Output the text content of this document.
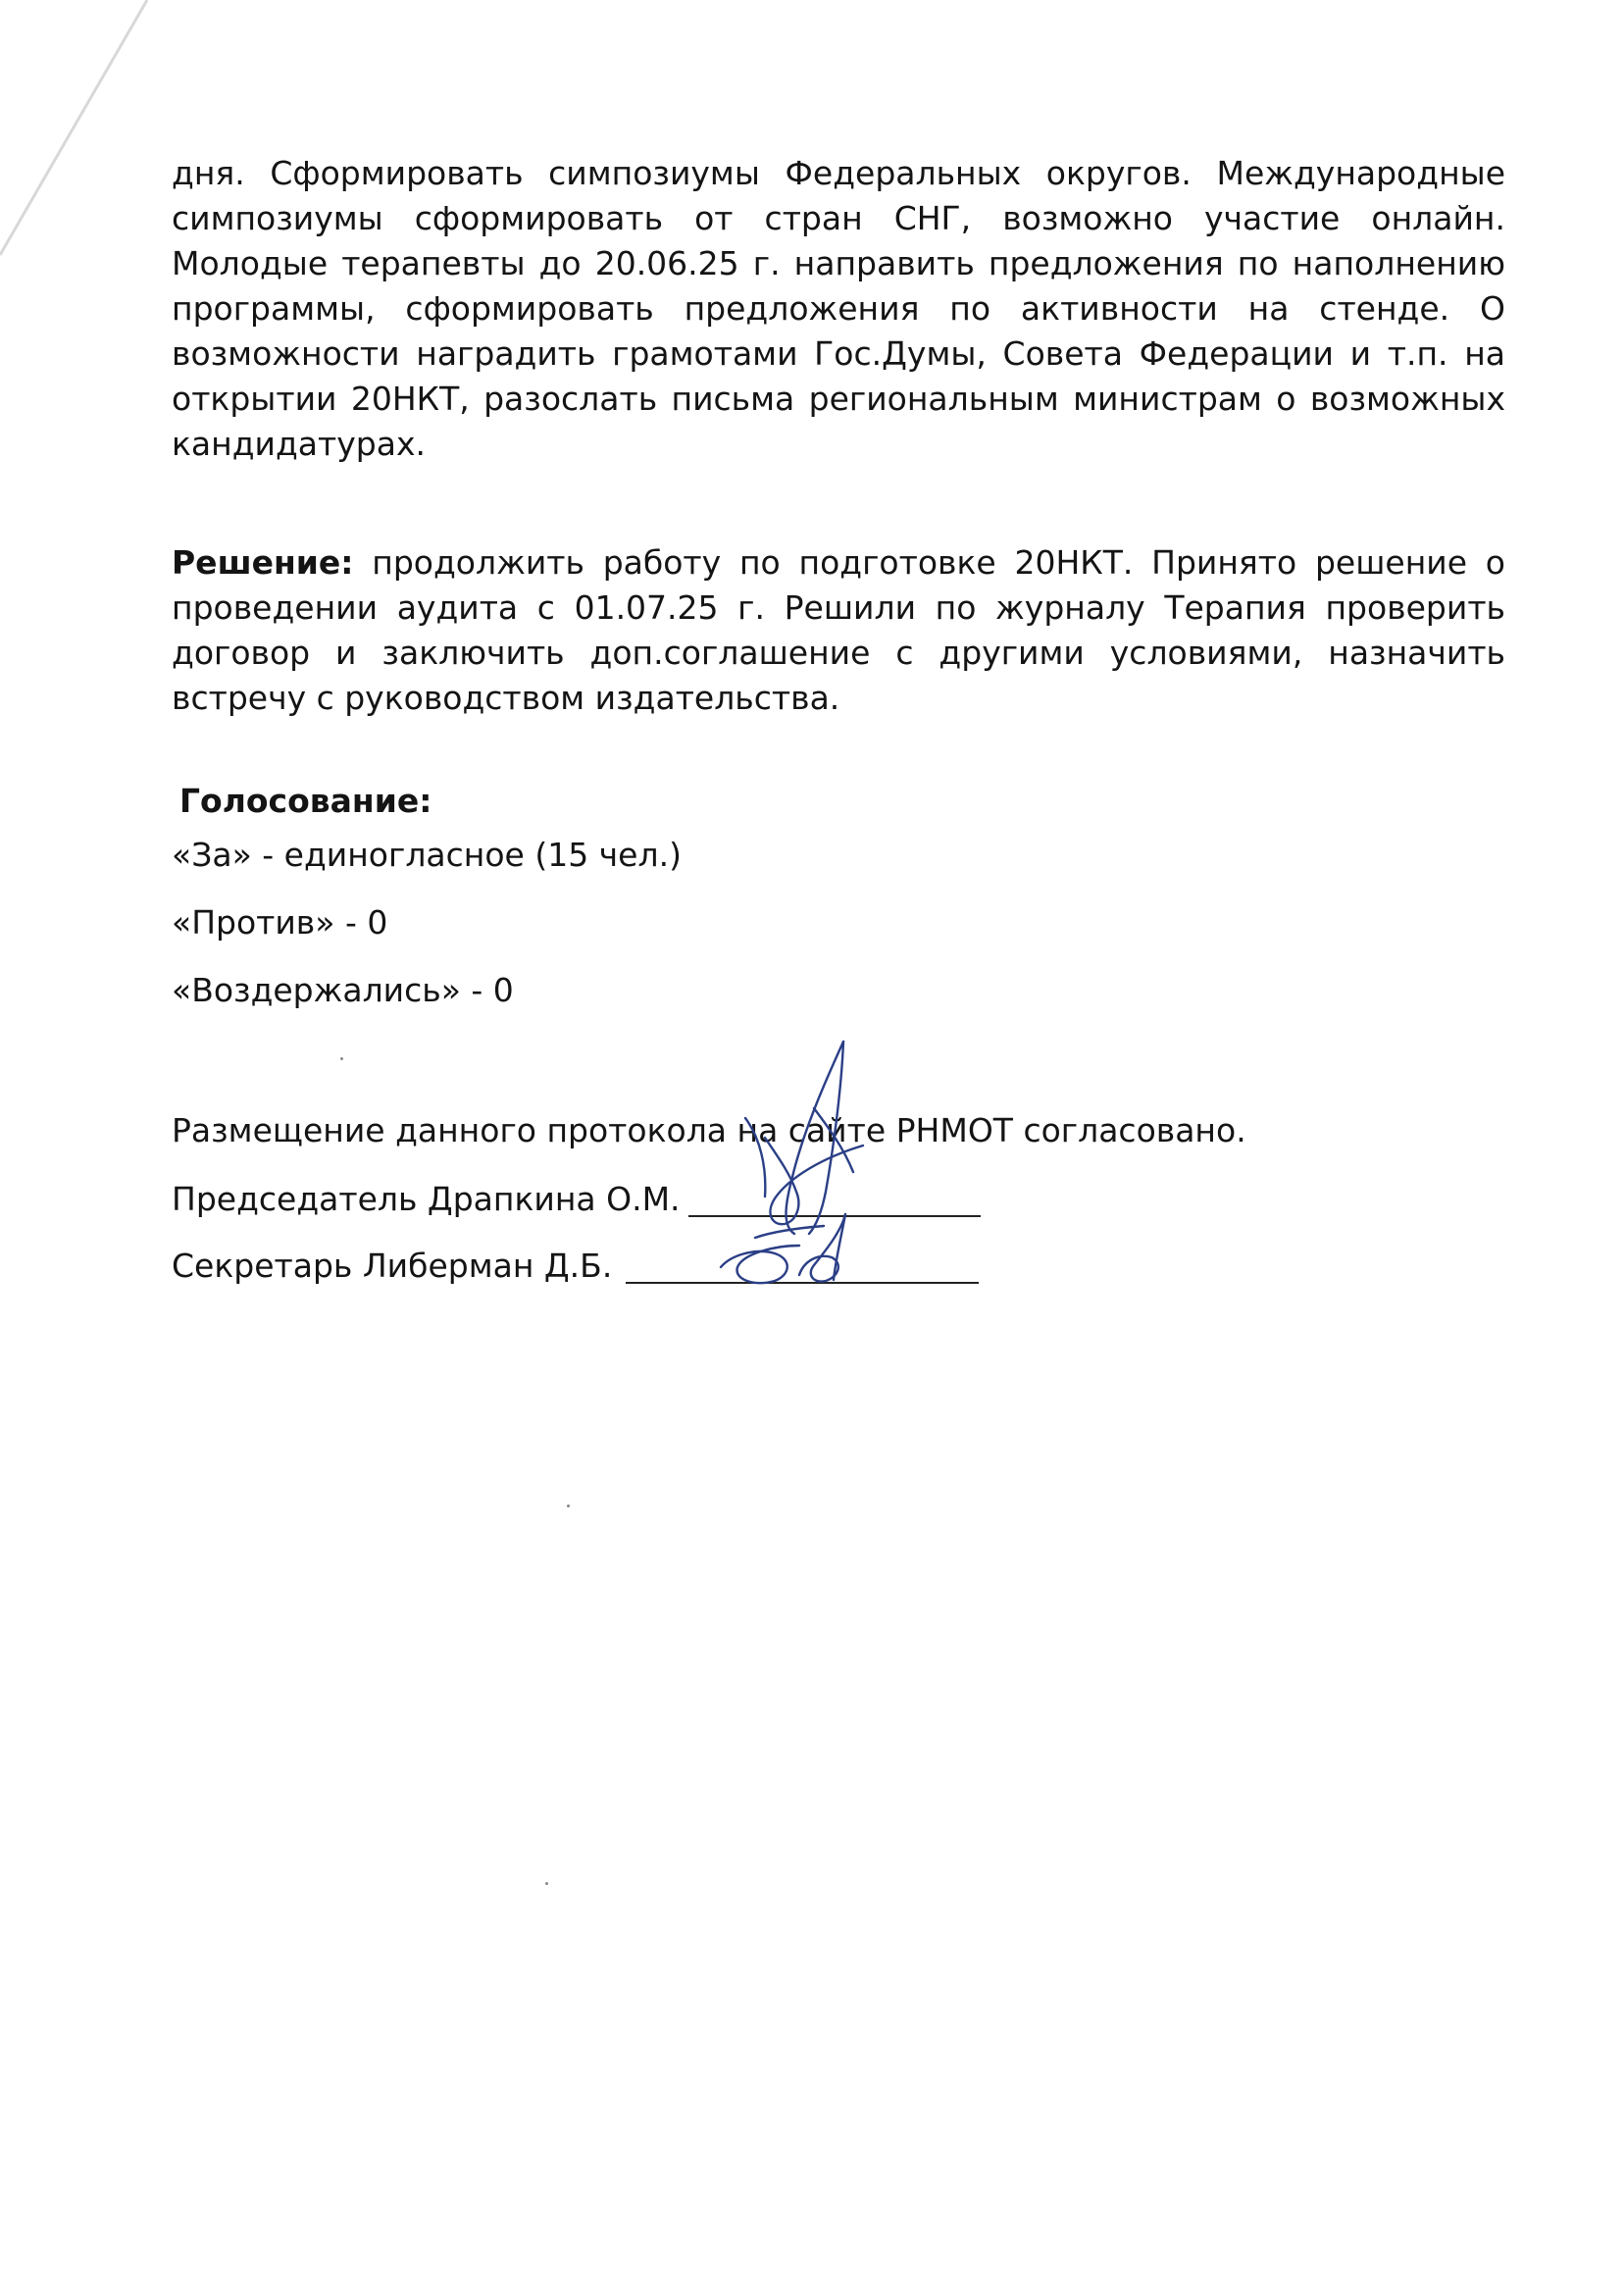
дня. Сформировать симпозиумы Федеральных округов. Международные симпозиумы сформировать от стран СНГ, возможно участие онлайн. Молодые терапевты до 20.06.25 г. направить предложения по наполнению программы, сформировать предложения по активности на стенде. О возможности наградить грамотами Гос.Думы, Совета Федерации и т.п. на открытии 20НКТ, разослать письма региональным министрам о возможных кандидатурах.
Решение: продолжить работу по подготовке 20НКТ. Принято решение о проведении аудита с 01.07.25 г. Решили по журналу Терапия проверить договор и заключить доп.соглашение с другими условиями, назначить встречу с руководством издательства.
Голосование:
«За» - единогласное (15 чел.)
«Против» - 0
«Воздержались» - 0
Размещение данного протокола на сайте РНМОТ согласовано.
Председатель Драпкина О.М.
Секретарь Либерман Д.Б.
